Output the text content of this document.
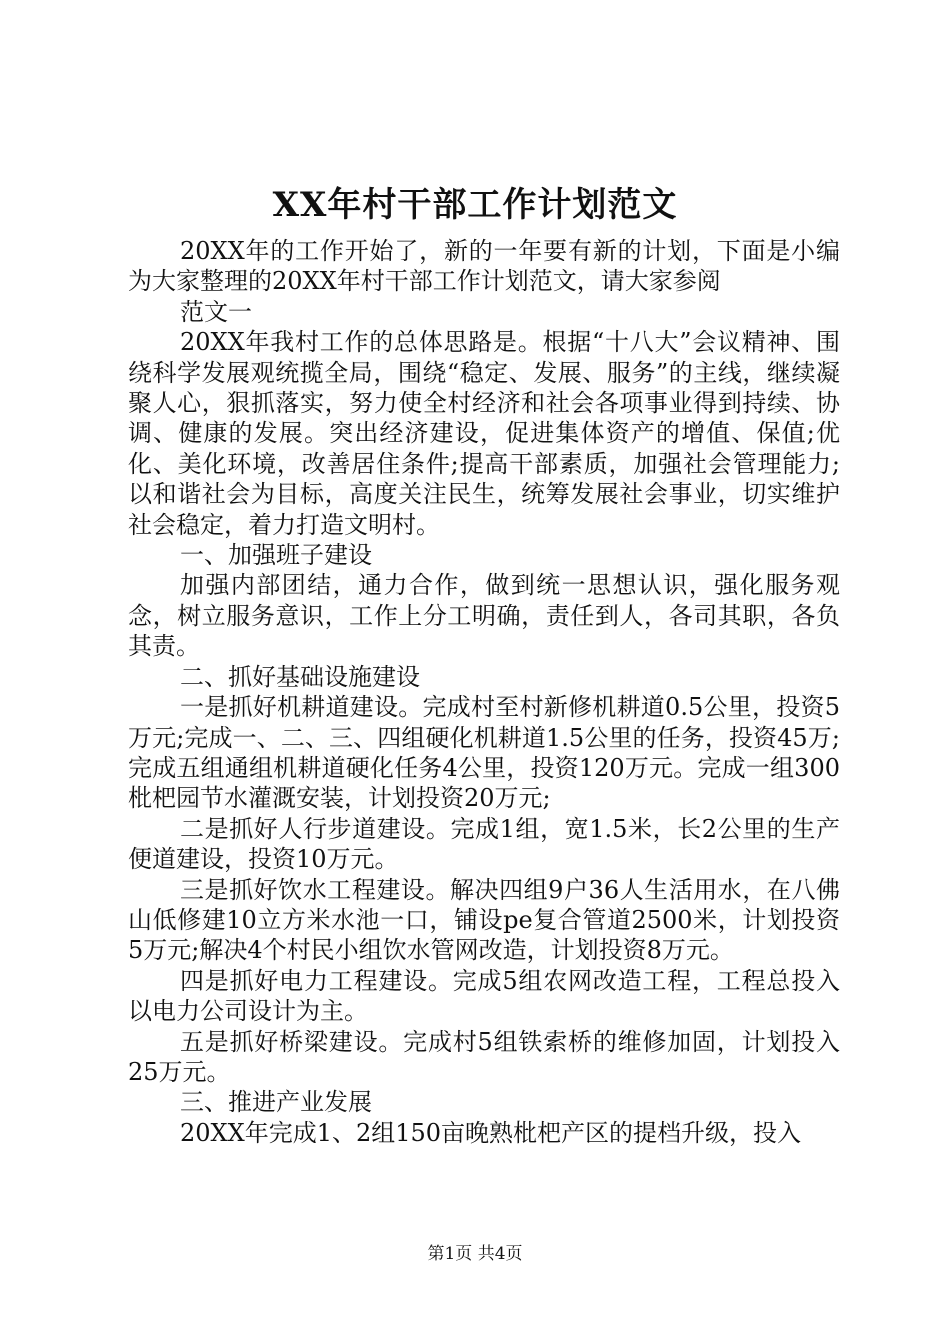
XX年村干部工作计划范文

20XX年的工作开始了，新的一年要有新的计划，下面是小编为大家整理的20XX年村干部工作计划范文，请大家参阅

范文一

20XX年我村工作的总体思路是。根据“十八大”会议精神、围绕科学发展观统揽全局，围绕“稳定、发展、服务”的主线，继续凝聚人心，狠抓落实，努力使全村经济和社会各项事业得到持续、协调、健康的发展。突出经济建设，促进集体资产的增值、保值;优化、美化环境，改善居住条件;提高干部素质，加强社会管理能力;以和谐社会为目标，高度关注民生，统筹发展社会事业，切实维护社会稳定，着力打造文明村。

一、加强班子建设

加强内部团结，通力合作，做到统一思想认识，强化服务观念，树立服务意识，工作上分工明确，责任到人，各司其职，各负其责。

二、抓好基础设施建设

一是抓好机耕道建设。完成村至村新修机耕道0.5公里，投资5万元;完成一、二、三、四组硬化机耕道1.5公里的任务，投资45万;完成五组通组机耕道硬化任务4公里，投资120万元。完成一组300枇杷园节水灌溉安装，计划投资20万元;

二是抓好人行步道建设。完成1组，宽1.5米，长2公里的生产便道建设，投资10万元。

三是抓好饮水工程建设。解决四组9户36人生活用水，在八佛山低修建10立方米水池一口，铺设pe复合管道2500米，计划投资5万元;解决4个村民小组饮水管网改造，计划投资8万元。

四是抓好电力工程建设。完成5组农网改造工程，工程总投入以电力公司设计为主。

五是抓好桥梁建设。完成村5组铁索桥的维修加固，计划投入25万元。

三、推进产业发展

20XX年完成1、2组150亩晚熟枇杷产区的提档升级，投入

第1页 共4页
